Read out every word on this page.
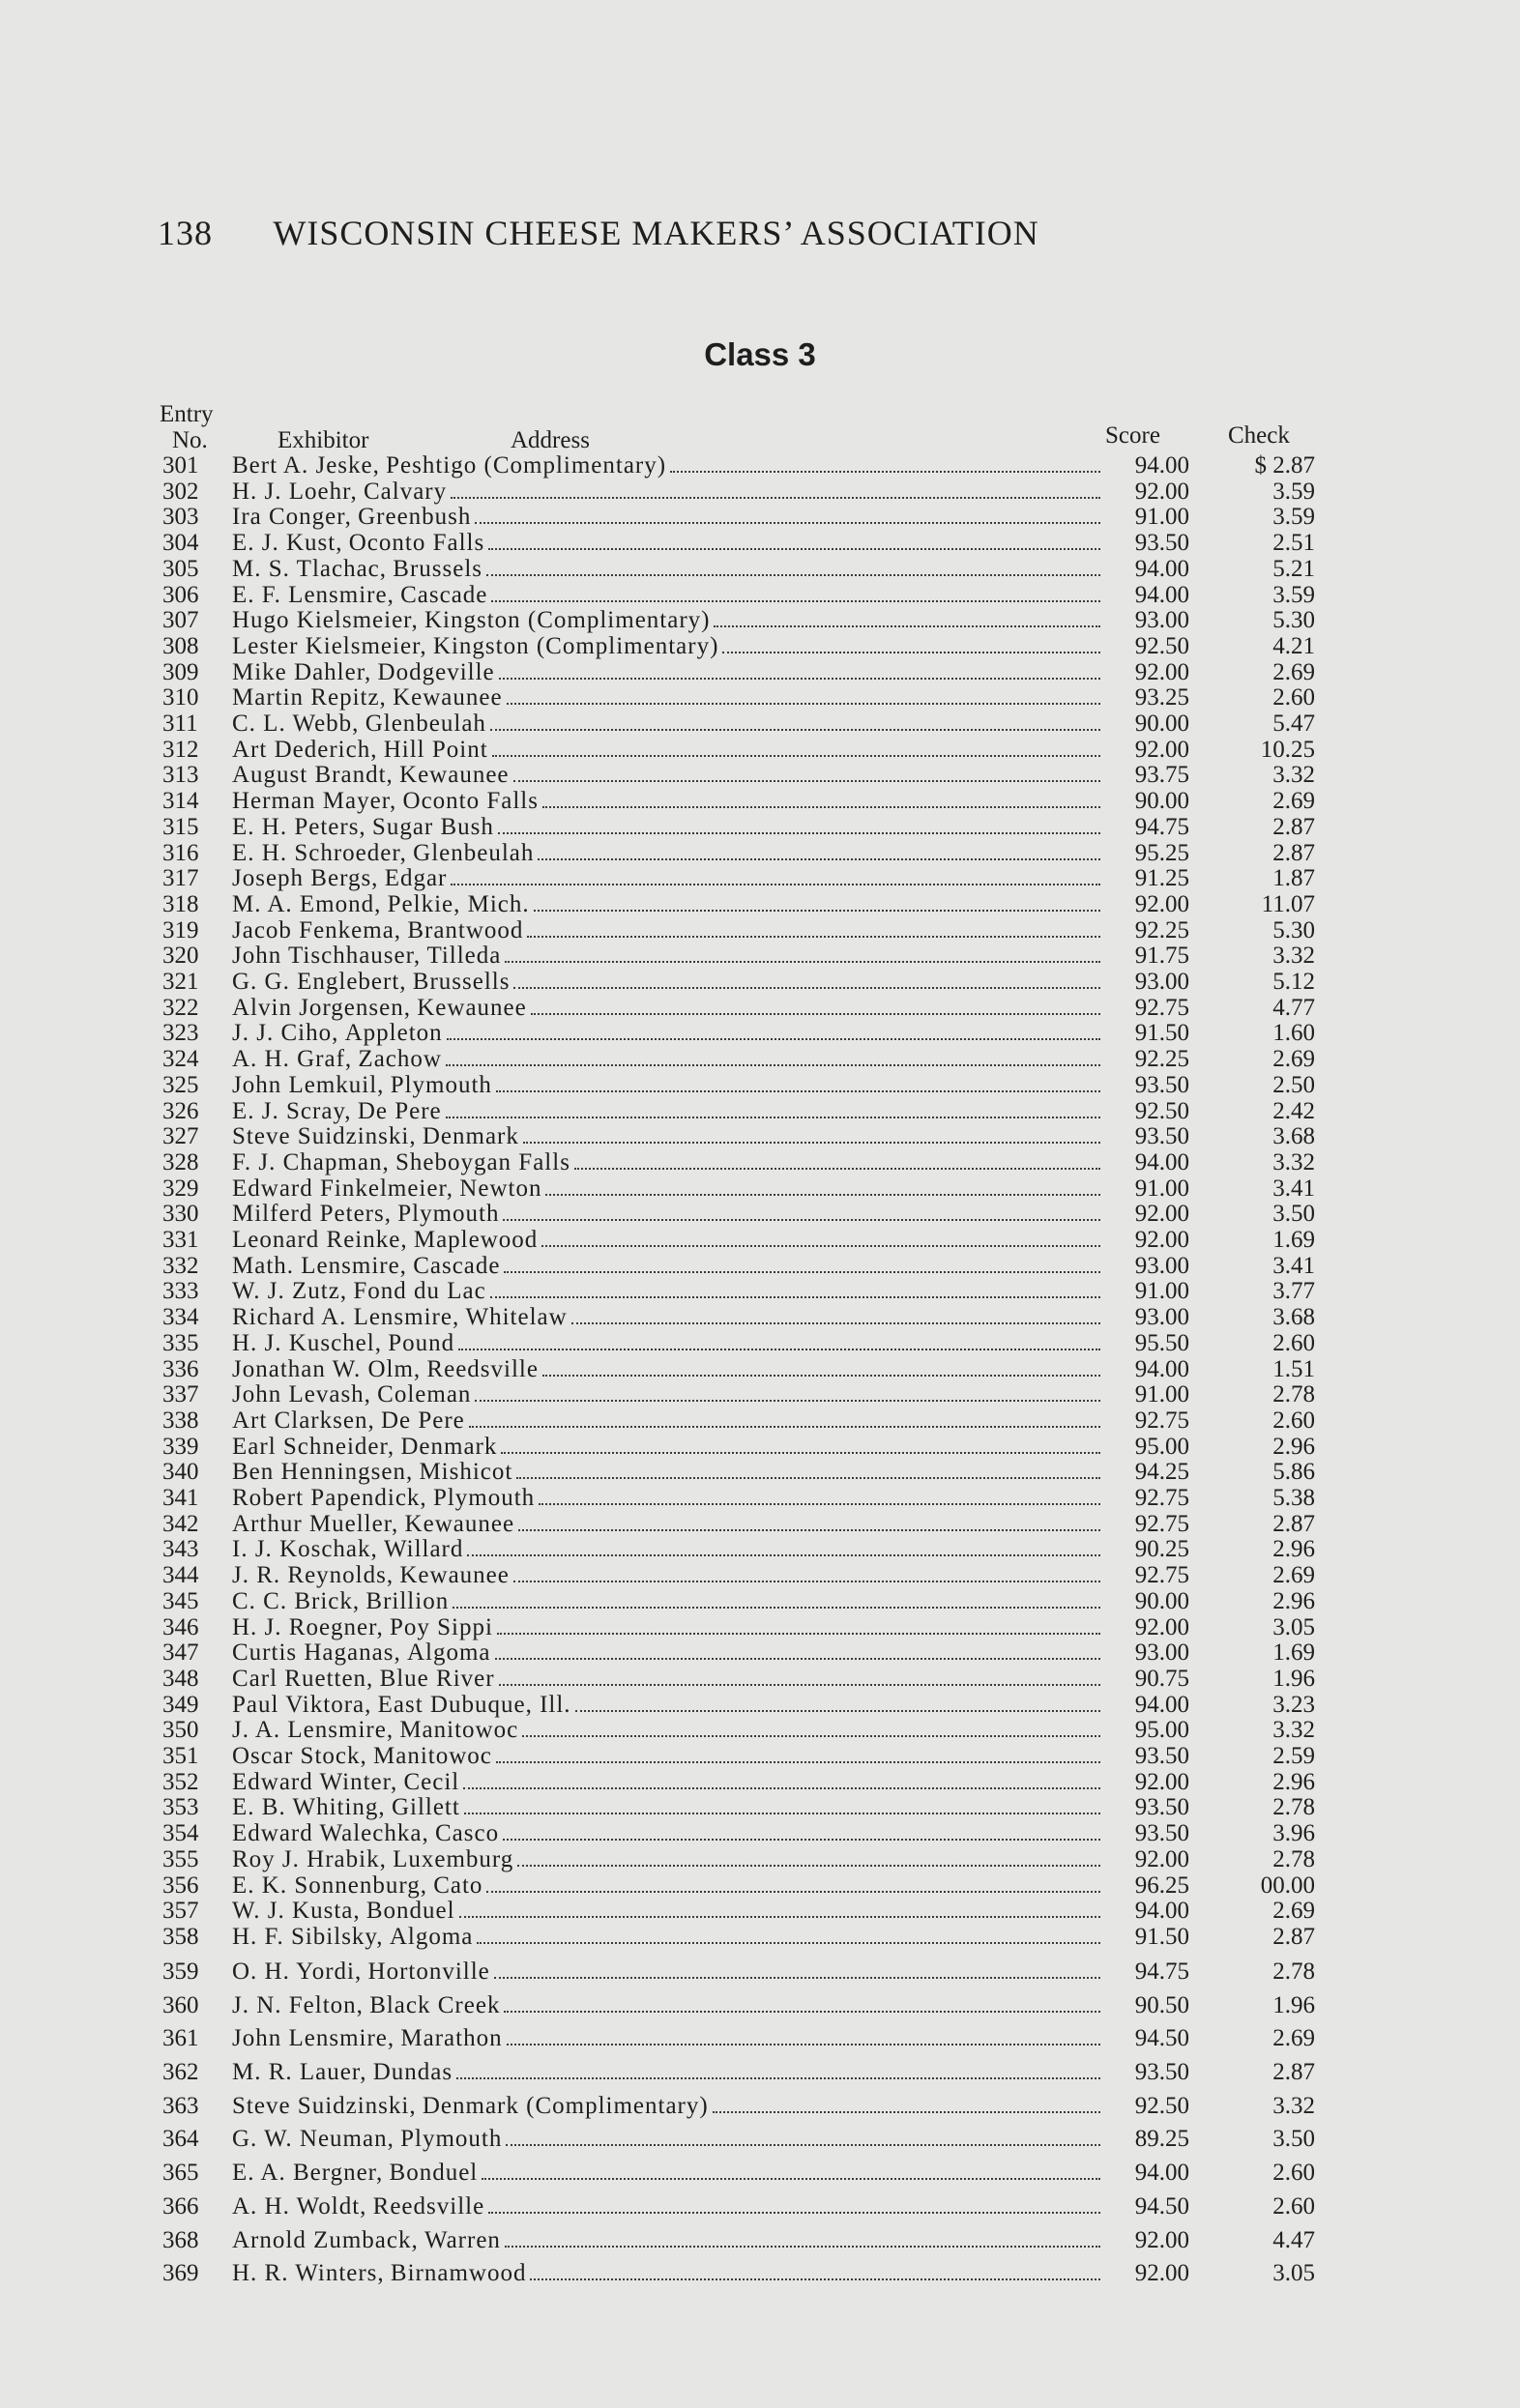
138 WISCONSIN CHEESE MAKERS’ ASSOCIATION
Class 3
Entry
No.	Exhibitor	Address	Score	Check
301	Bert A. Jeske, Peshtigo (Complimentary)	94.00	$ 2.87
302	H. J. Loehr, Calvary	92.00	3.59
303	Ira Conger, Greenbush	91.00	3.59
304	E. J. Kust, Oconto Falls	93.50	2.51
305	M. S. Tlachac, Brussels	94.00	5.21
306	E. F. Lensmire, Cascade	94.00	3.59
307	Hugo Kielsmeier, Kingston (Complimentary)	93.00	5.30
308	Lester Kielsmeier, Kingston (Complimentary)	92.50	4.21
309	Mike Dahler, Dodgeville	92.00	2.69
310	Martin Repitz, Kewaunee	93.25	2.60
311	C. L. Webb, Glenbeulah	90.00	5.47
312	Art Dederich, Hill Point	92.00	10.25
313	August Brandt, Kewaunee	93.75	3.32
314	Herman Mayer, Oconto Falls	90.00	2.69
315	E. H. Peters, Sugar Bush	94.75	2.87
316	E. H. Schroeder, Glenbeulah	95.25	2.87
317	Joseph Bergs, Edgar	91.25	1.87
318	M. A. Emond, Pelkie, Mich.	92.00	11.07
319	Jacob Fenkema, Brantwood	92.25	5.30
320	John Tischhauser, Tilleda	91.75	3.32
321	G. G. Englebert, Brussells	93.00	5.12
322	Alvin Jorgensen, Kewaunee	92.75	4.77
323	J. J. Ciho, Appleton	91.50	1.60
324	A. H. Graf, Zachow	92.25	2.69
325	John Lemkuil, Plymouth	93.50	2.50
326	E. J. Scray, De Pere	92.50	2.42
327	Steve Suidzinski, Denmark	93.50	3.68
328	F. J. Chapman, Sheboygan Falls	94.00	3.32
329	Edward Finkelmeier, Newton	91.00	3.41
330	Milferd Peters, Plymouth	92.00	3.50
331	Leonard Reinke, Maplewood	92.00	1.69
332	Math. Lensmire, Cascade	93.00	3.41
333	W. J. Zutz, Fond du Lac	91.00	3.77
334	Richard A. Lensmire, Whitelaw	93.00	3.68
335	H. J. Kuschel, Pound	95.50	2.60
336	Jonathan W. Olm, Reedsville	94.00	1.51
337	John Levash, Coleman	91.00	2.78
338	Art Clarksen, De Pere	92.75	2.60
339	Earl Schneider, Denmark	95.00	2.96
340	Ben Henningsen, Mishicot	94.25	5.86
341	Robert Papendick, Plymouth	92.75	5.38
342	Arthur Mueller, Kewaunee	92.75	2.87
343	I. J. Koschak, Willard	90.25	2.96
344	J. R. Reynolds, Kewaunee	92.75	2.69
345	C. C. Brick, Brillion	90.00	2.96
346	H. J. Roegner, Poy Sippi	92.00	3.05
347	Curtis Haganas, Algoma	93.00	1.69
348	Carl Ruetten, Blue River	90.75	1.96
349	Paul Viktora, East Dubuque, Ill.	94.00	3.23
350	J. A. Lensmire, Manitowoc	95.00	3.32
351	Oscar Stock, Manitowoc	93.50	2.59
352	Edward Winter, Cecil	92.00	2.96
353	E. B. Whiting, Gillett	93.50	2.78
354	Edward Walechka, Casco	93.50	3.96
355	Roy J. Hrabik, Luxemburg	92.00	2.78
356	E. K. Sonnenburg, Cato	96.25	00.00
357	W. J. Kusta, Bonduel	94.00	2.69
358	H. F. Sibilsky, Algoma	91.50	2.87
359	O. H. Yordi, Hortonville	94.75	2.78
360	J. N. Felton, Black Creek	90.50	1.96
361	John Lensmire, Marathon	94.50	2.69
362	M. R. Lauer, Dundas	93.50	2.87
363	Steve Suidzinski, Denmark (Complimentary)	92.50	3.32
364	G. W. Neuman, Plymouth	89.25	3.50
365	E. A. Bergner, Bonduel	94.00	2.60
366	A. H. Woldt, Reedsville	94.50	2.60
368	Arnold Zumback, Warren	92.00	4.47
369	H. R. Winters, Birnamwood	92.00	3.05
